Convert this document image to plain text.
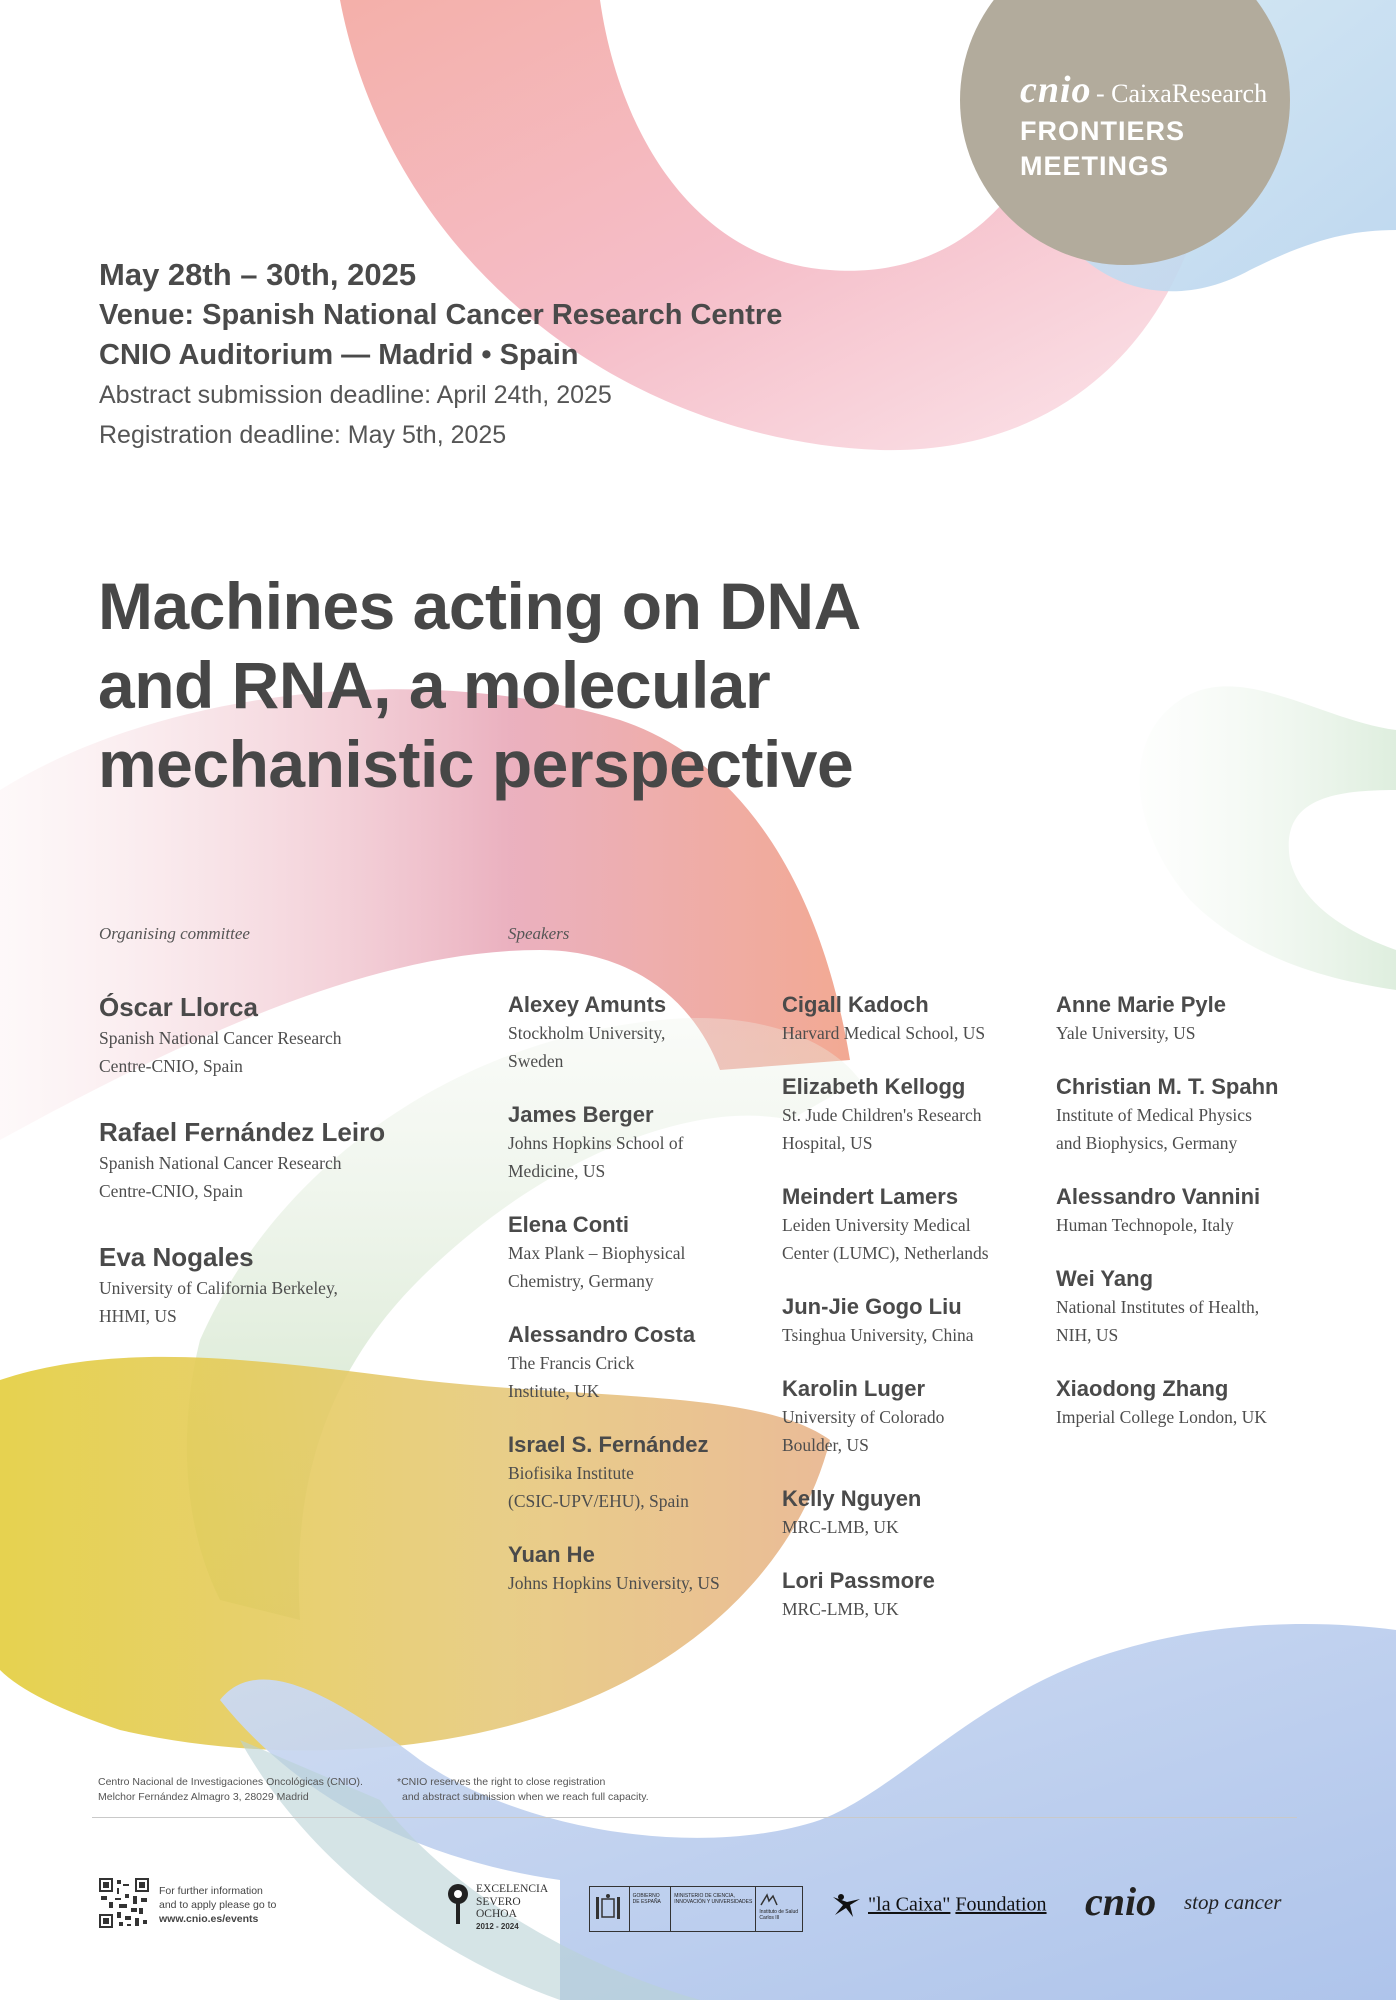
cnio - CaixaResearch
FRONTIERS
MEETINGS
May 28th – 30th, 2025
Venue: Spanish National Cancer Research Centre
CNIO Auditorium — Madrid • Spain
Abstract submission deadline: April 24th, 2025
Registration deadline: May 5th, 2025
Machines acting on DNA
and RNA, a molecular
mechanistic perspective
Organising committee	Speakers
Óscar Llorca
Spanish National Cancer Research
Centre-CNIO, Spain
Rafael Fernández Leiro
Spanish National Cancer Research
Centre-CNIO, Spain
Eva Nogales
University of California Berkeley,
HHMI, US
Alexey Amunts
Stockholm University,
Sweden
James Berger
Johns Hopkins School of
Medicine, US
Elena Conti
Max Plank – Biophysical
Chemistry, Germany
Alessandro Costa
The Francis Crick
Institute, UK
Israel S. Fernández
Biofisika Institute
(CSIC-UPV/EHU), Spain
Yuan He
Johns Hopkins University, US
Cigall Kadoch
Harvard Medical School, US
Elizabeth Kellogg
St. Jude Children's Research
Hospital, US
Meindert Lamers
Leiden University Medical
Center (LUMC), Netherlands
Jun-Jie Gogo Liu
Tsinghua University, China
Karolin Luger
University of Colorado
Boulder, US
Kelly Nguyen
MRC-LMB, UK
Lori Passmore
MRC-LMB, UK
Anne Marie Pyle
Yale University, US
Christian M. T. Spahn
Institute of Medical Physics
and Biophysics, Germany
Alessandro Vannini
Human Technopole, Italy
Wei Yang
National Institutes of Health,
NIH, US
Xiaodong Zhang
Imperial College London, UK
Centro Nacional de Investigaciones Oncológicas (CNIO).
Melchor Fernández Almagro 3, 28029 Madrid
*CNIO reserves the right to close registration
and abstract submission when we reach full capacity.
For further information
and to apply please go to
www.cnio.es/events
EXCELENCIA
SEVERO
OCHOA
2012 - 2024
GOBIERNO DE ESPAÑA
MINISTERIO DE CIENCIA, INNOVACIÓN Y UNIVERSIDADES
Instituto de Salud Carlos III
"la Caixa" Foundation cnio stop cancer
